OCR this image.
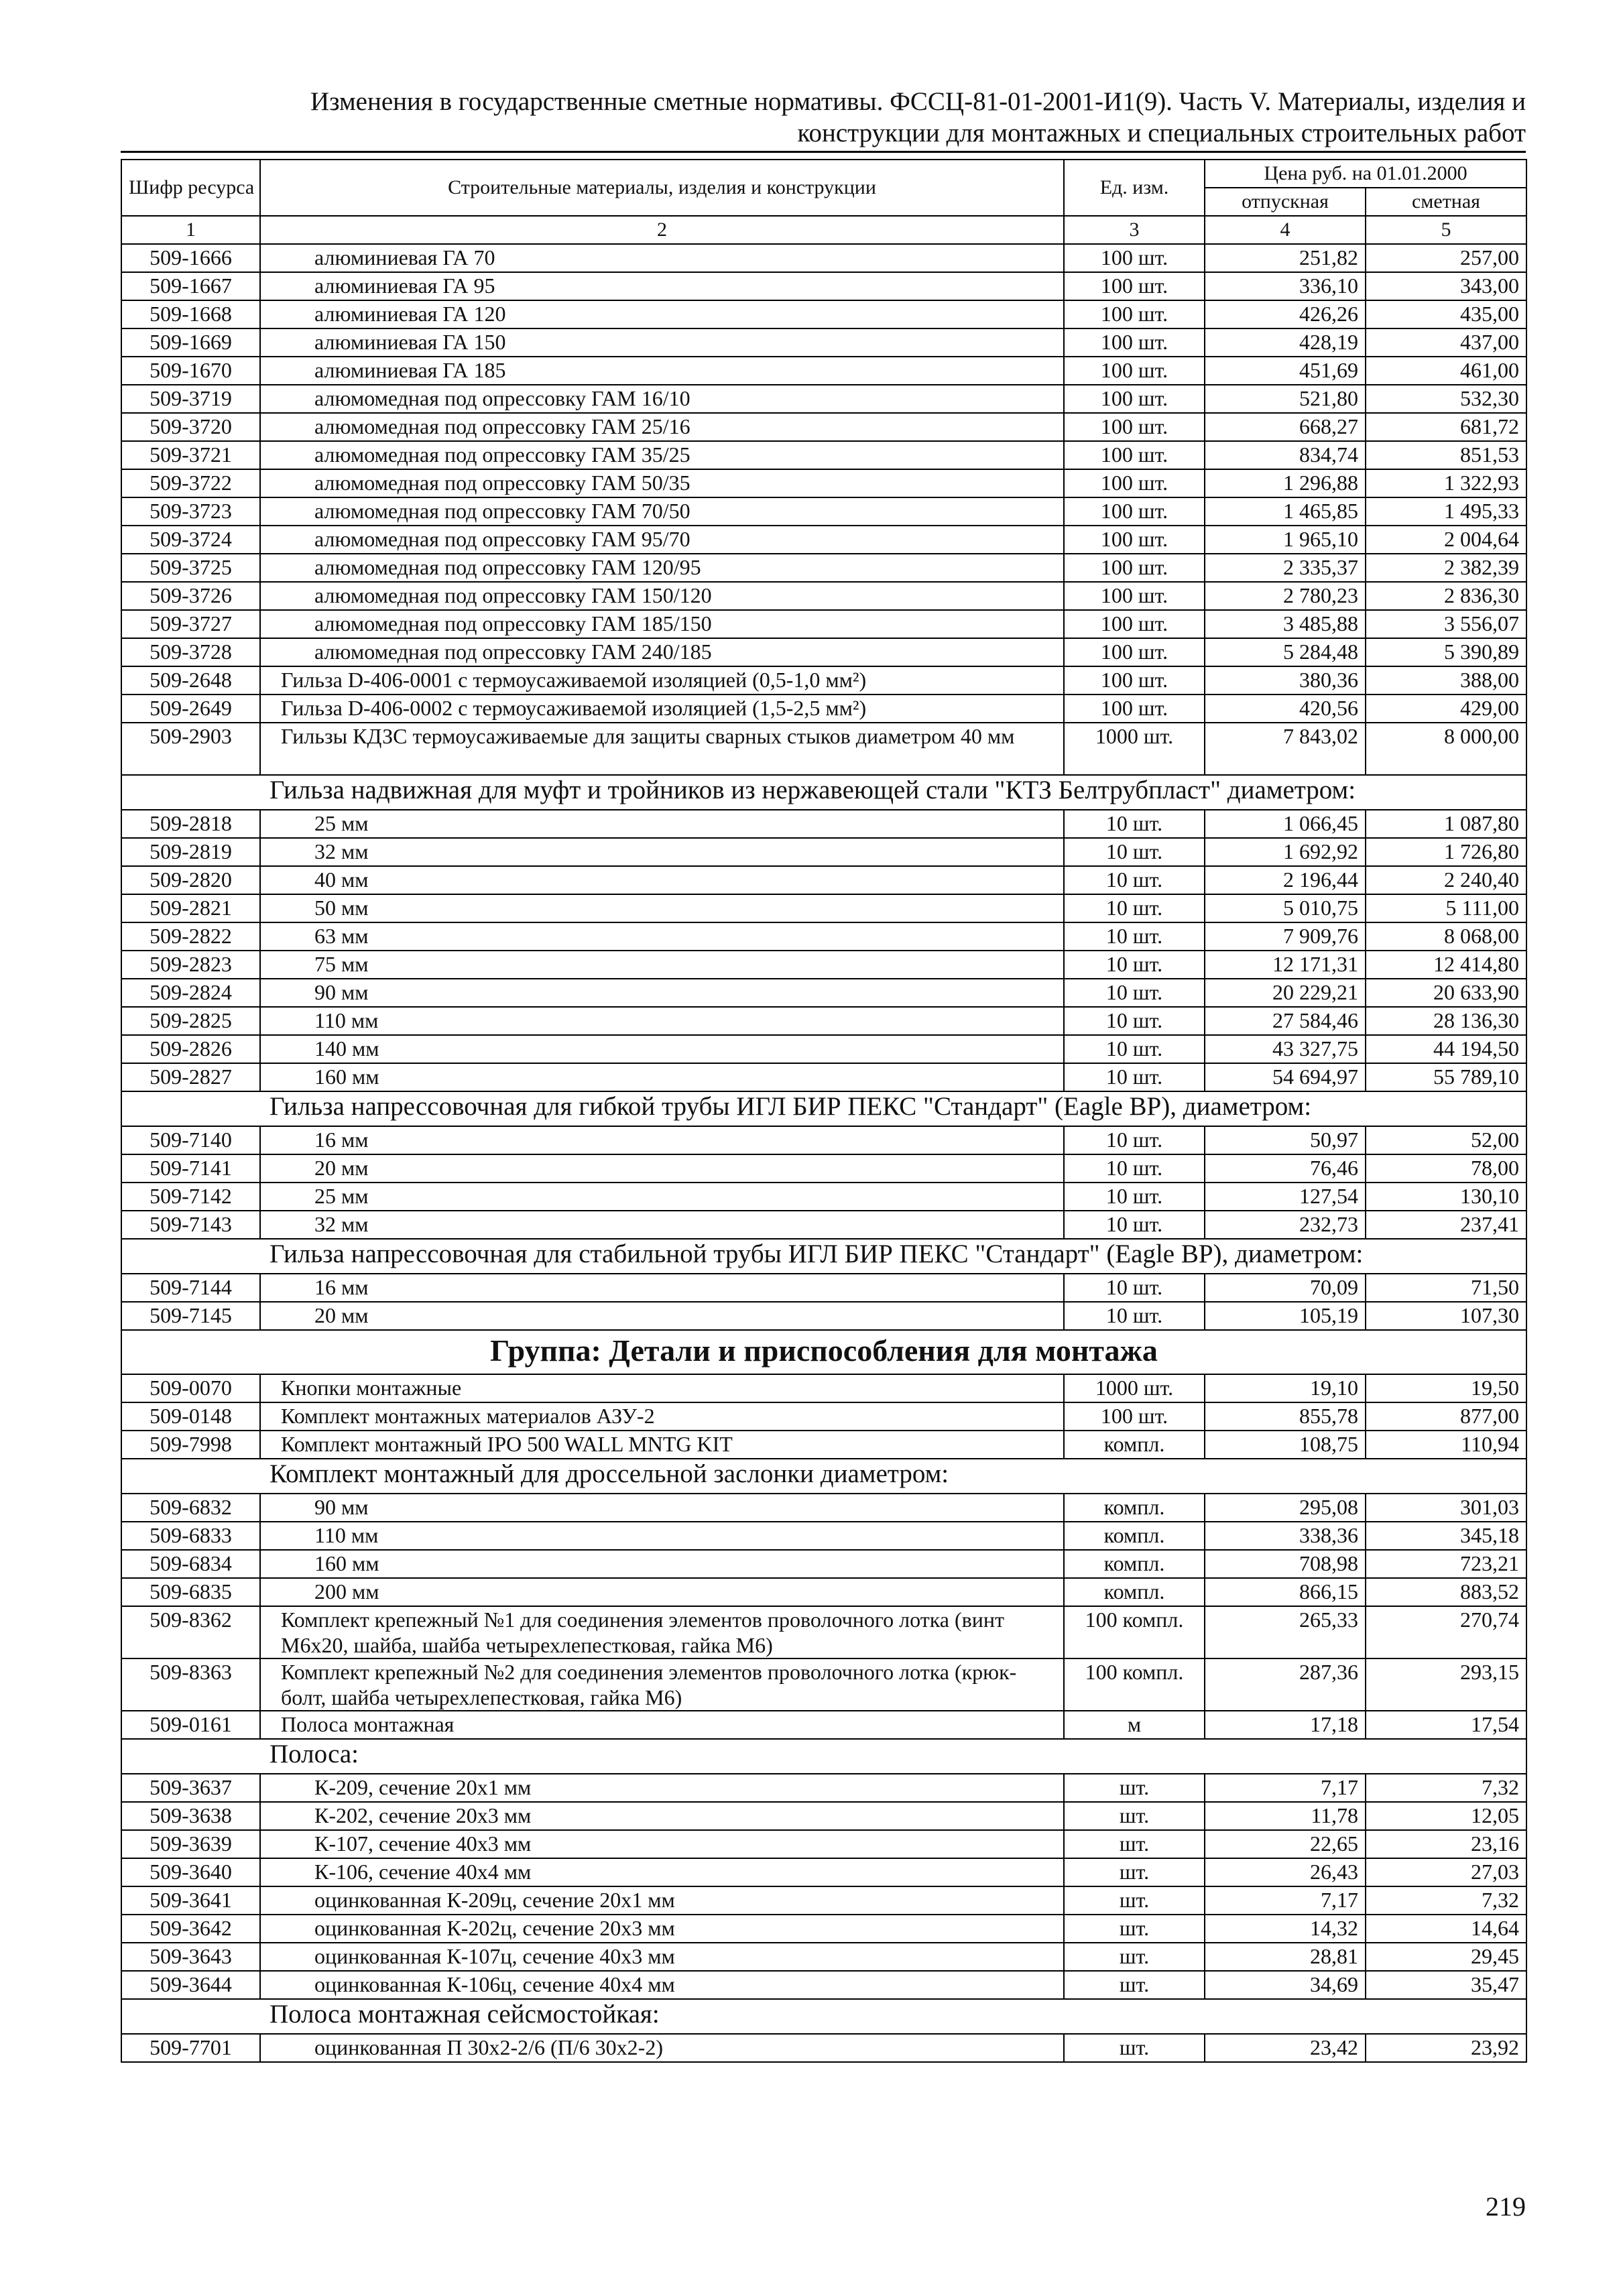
Изменения в государственные сметные нормативы. ФССЦ-81-01-2001-И1(9). Часть V. Материалы, изделия и
конструкции для монтажных и специальных строительных работ
Шифр ресурса	Строительные материалы, изделия и конструкции	Ед. изм.	Цена руб. на 01.01.2000	
			отпускная	сметная
1	2	3	4	5
509-1666	алюминиевая ГА 70	100 шт.	251,82	257,00
509-1667	алюминиевая ГА 95	100 шт.	336,10	343,00
509-1668	алюминиевая ГА 120	100 шт.	426,26	435,00
509-1669	алюминиевая ГА 150	100 шт.	428,19	437,00
509-1670	алюминиевая ГА 185	100 шт.	451,69	461,00
509-3719	алюмомедная под опрессовку ГАМ 16/10	100 шт.	521,80	532,30
509-3720	алюмомедная под опрессовку ГАМ 25/16	100 шт.	668,27	681,72
509-3721	алюмомедная под опрессовку ГАМ 35/25	100 шт.	834,74	851,53
509-3722	алюмомедная под опрессовку ГАМ 50/35	100 шт.	1 296,88	1 322,93
509-3723	алюмомедная под опрессовку ГАМ 70/50	100 шт.	1 465,85	1 495,33
509-3724	алюмомедная под опрессовку ГАМ 95/70	100 шт.	1 965,10	2 004,64
509-3725	алюмомедная под опрессовку ГАМ 120/95	100 шт.	2 335,37	2 382,39
509-3726	алюмомедная под опрессовку ГАМ 150/120	100 шт.	2 780,23	2 836,30
509-3727	алюмомедная под опрессовку ГАМ 185/150	100 шт.	3 485,88	3 556,07
509-3728	алюмомедная под опрессовку ГАМ 240/185	100 шт.	5 284,48	5 390,89
509-2648	Гильза D-406-0001 с термоусаживаемой изоляцией (0,5-1,0 мм²)	100 шт.	380,36	388,00
509-2649	Гильза D-406-0002 с термоусаживаемой изоляцией (1,5-2,5 мм²)	100 шт.	420,56	429,00
509-2903	Гильзы КДЗС термоусаживаемые для защиты сварных стыков диаметром 40 мм	1000 шт.	7 843,02	8 000,00
Гильза надвижная для муфт и тройников из нержавеющей стали "КТЗ Белтрубпласт" диаметром:				
509-2818	25 мм	10 шт.	1 066,45	1 087,80
509-2819	32 мм	10 шт.	1 692,92	1 726,80
509-2820	40 мм	10 шт.	2 196,44	2 240,40
509-2821	50 мм	10 шт.	5 010,75	5 111,00
509-2822	63 мм	10 шт.	7 909,76	8 068,00
509-2823	75 мм	10 шт.	12 171,31	12 414,80
509-2824	90 мм	10 шт.	20 229,21	20 633,90
509-2825	110 мм	10 шт.	27 584,46	28 136,30
509-2826	140 мм	10 шт.	43 327,75	44 194,50
509-2827	160 мм	10 шт.	54 694,97	55 789,10
Гильза напрессовочная для гибкой трубы ИГЛ БИР ПЕКС "Стандарт" (Eagle BP), диаметром:				
509-7140	16 мм	10 шт.	50,97	52,00
509-7141	20 мм	10 шт.	76,46	78,00
509-7142	25 мм	10 шт.	127,54	130,10
509-7143	32 мм	10 шт.	232,73	237,41
Гильза напрессовочная для стабильной трубы ИГЛ БИР ПЕКС "Стандарт" (Eagle BP), диаметром:				
509-7144	16 мм	10 шт.	70,09	71,50
509-7145	20 мм	10 шт.	105,19	107,30
Группа: Детали и приспособления для монтажа				
509-0070	Кнопки монтажные	1000 шт.	19,10	19,50
509-0148	Комплект монтажных материалов АЗУ-2	100 шт.	855,78	877,00
509-7998	Комплект монтажный IPO 500 WALL MNTG KIT	компл.	108,75	110,94
Комплект монтажный для дроссельной заслонки диаметром:				
509-6832	90 мм	компл.	295,08	301,03
509-6833	110 мм	компл.	338,36	345,18
509-6834	160 мм	компл.	708,98	723,21
509-6835	200 мм	компл.	866,15	883,52
509-8362	Комплект крепежный №1 для соединения элементов проволочного лотка (винт М6х20, шайба, шайба четырехлепестковая, гайка М6)	100 компл.	265,33	270,74
509-8363	Комплект крепежный №2 для соединения элементов проволочного лотка (крюк-болт, шайба четырехлепестковая, гайка М6)	100 компл.	287,36	293,15
509-0161	Полоса монтажная	м	17,18	17,54
Полоса:				
509-3637	К-209, сечение 20х1 мм	шт.	7,17	7,32
509-3638	К-202, сечение 20х3 мм	шт.	11,78	12,05
509-3639	К-107, сечение 40х3 мм	шт.	22,65	23,16
509-3640	К-106, сечение 40х4 мм	шт.	26,43	27,03
509-3641	оцинкованная К-209ц, сечение 20х1 мм	шт.	7,17	7,32
509-3642	оцинкованная К-202ц, сечение 20х3 мм	шт.	14,32	14,64
509-3643	оцинкованная К-107ц, сечение 40х3 мм	шт.	28,81	29,45
509-3644	оцинкованная К-106ц, сечение 40х4 мм	шт.	34,69	35,47
Полоса монтажная сейсмостойкая:				
509-7701	оцинкованная П 30х2-2/6 (П/6 30х2-2)	шт.	23,42	23,92
219
